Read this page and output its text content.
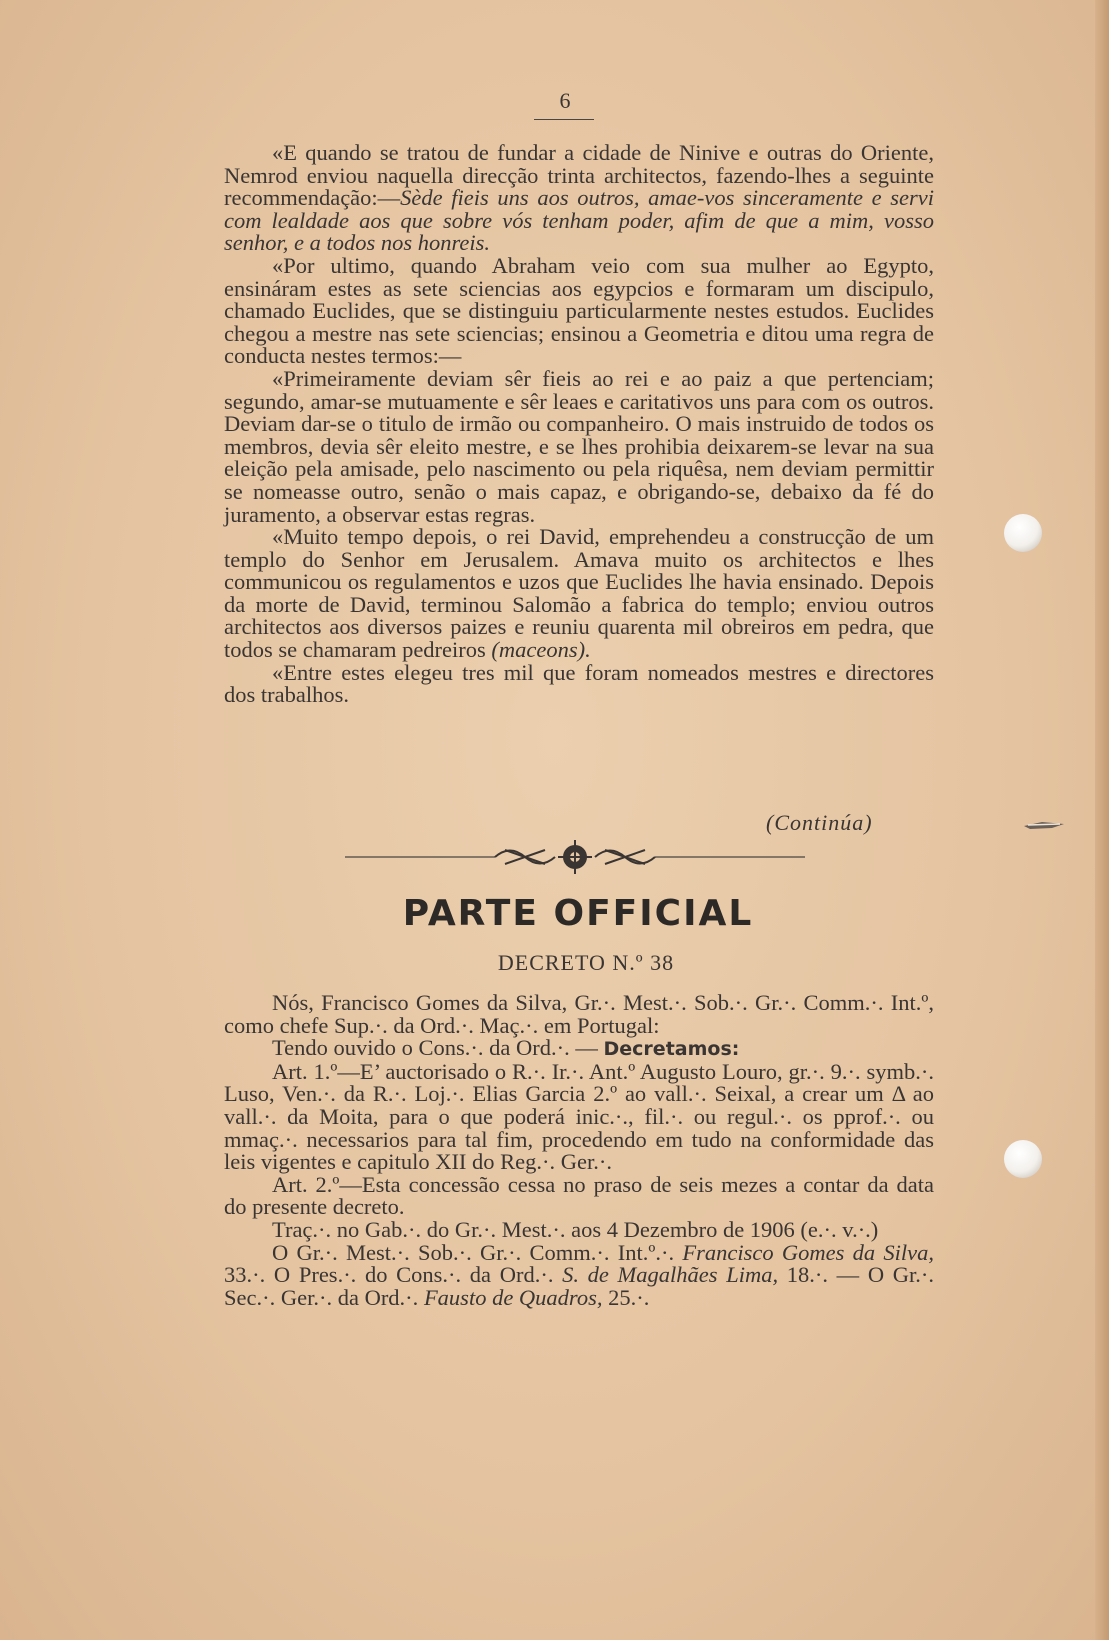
6

«E quando se tratou de fundar a cidade de Ninive e outras do Oriente, Nemrod enviou naquella direcção trinta architectos, fazendo-lhes a seguinte recommendação:—Sède fieis uns aos outros, amae-vos sinceramente e servi com lealdade aos que sobre vós tenham poder, afim de que a mim, vosso senhor, e a todos nos honreis.

«Por ultimo, quando Abraham veio com sua mulher ao Egypto, ensináram estes as sete sciencias aos egypcios e formaram um discipulo, chamado Euclides, que se distinguiu particularmente nestes estudos. Euclides chegou a mestre nas sete sciencias; ensinou a Geometria e ditou uma regra de conducta nestes termos:—

«Primeiramente deviam sêr fieis ao rei e ao paiz a que pertenciam; segundo, amar-se mutuamente e sêr leaes e caritativos uns para com os outros. Deviam dar-se o titulo de irmão ou companheiro. O mais instruido de todos os membros, devia sêr eleito mestre, e se lhes prohibia deixarem-se levar na sua eleição pela amisade, pelo nascimento ou pela riquêsa, nem deviam permittir se nomeasse outro, senão o mais capaz, e obrigando-se, debaixo da fé do juramento, a observar estas regras.

«Muito tempo depois, o rei David, emprehendeu a construcção de um templo do Senhor em Jerusalem. Amava muito os architectos e lhes communicou os regulamentos e uzos que Euclides lhe havia ensinado. Depois da morte de David, terminou Salomão a fabrica do templo; enviou outros architectos aos diversos paizes e reuniu quarenta mil obreiros em pedra, que todos se chamaram pedreiros (maceons).

«Entre estes elegeu tres mil que foram nomeados mestres e directores dos trabalhos.

(Continúa)
PARTE OFFICIAL
DECRETO N.º 38

Nós, Francisco Gomes da Silva, Gr.·. Mest.·. Sob.·. Gr.·. Comm.·. Int.º, como chefe Sup.·. da Ord.·. Maç.·. em Portugal:

Tendo ouvido o Cons.·. da Ord.·. — Decretamos:

Art. 1.º—E’ auctorisado o R.·. Ir.·. Ant.º Augusto Louro, gr.·. 9.·. symb.·. Luso, Ven.·. da R.·. Loj.·. Elias Garcia 2.º ao vall.·. Seixal, a crear um Δ ao vall.·. da Moita, para o que poderá inic.·., fil.·. ou regul.·. os pprof.·. ou mmaç.·. necessarios para tal fim, procedendo em tudo na conformidade das leis vigentes e capitulo XII do Reg.·. Ger.·.

Art. 2.º—Esta concessão cessa no praso de seis mezes a contar da data do presente decreto.

Traç.·. no Gab.·. do Gr.·. Mest.·. aos 4 Dezembro de 1906 (e.·. v.·.)

O Gr.·. Mest.·. Sob.·. Gr.·. Comm.·. Int.º.·. Francisco Gomes da Silva, 33.·. O Pres.·. do Cons.·. da Ord.·. S. de Magalhães Lima, 18.·. — O Gr.·. Sec.·. Ger.·. da Ord.·. Fausto de Quadros, 25.·.
